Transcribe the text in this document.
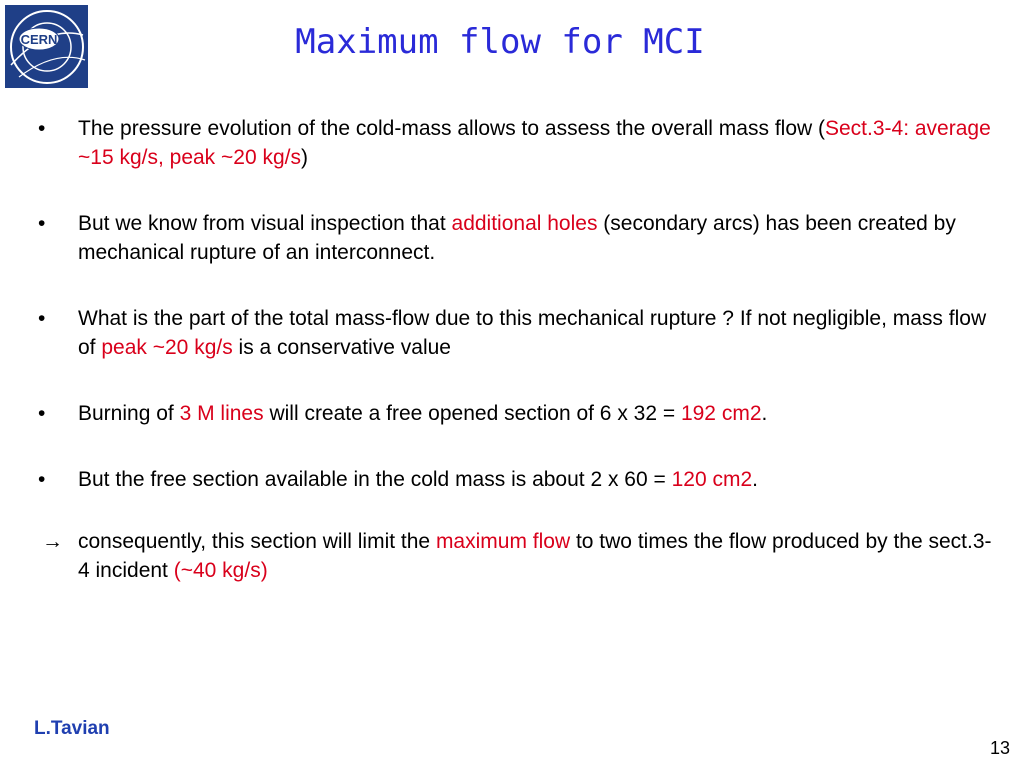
CERN	Maximum flow for MCI
• The pressure evolution of the cold-mass allows to assess the overall mass flow (Sect.3-4: average ~15 kg/s, peak ~20 kg/s)
• But we know from visual inspection that additional holes (secondary arcs) has been created by mechanical rupture of an interconnect.
• What is the part of the total mass-flow due to this mechanical rupture ? If not negligible, mass flow of peak ~20 kg/s is a conservative value
• Burning of 3 M lines will create a free opened section of 6 x 32 = 192 cm2.
• But the free section available in the cold mass is about 2 x 60 = 120 cm2.
→ consequently, this section will limit the maximum flow to two times the flow produced by the sect.3-4 incident (~40 kg/s)
L.Tavian
13
